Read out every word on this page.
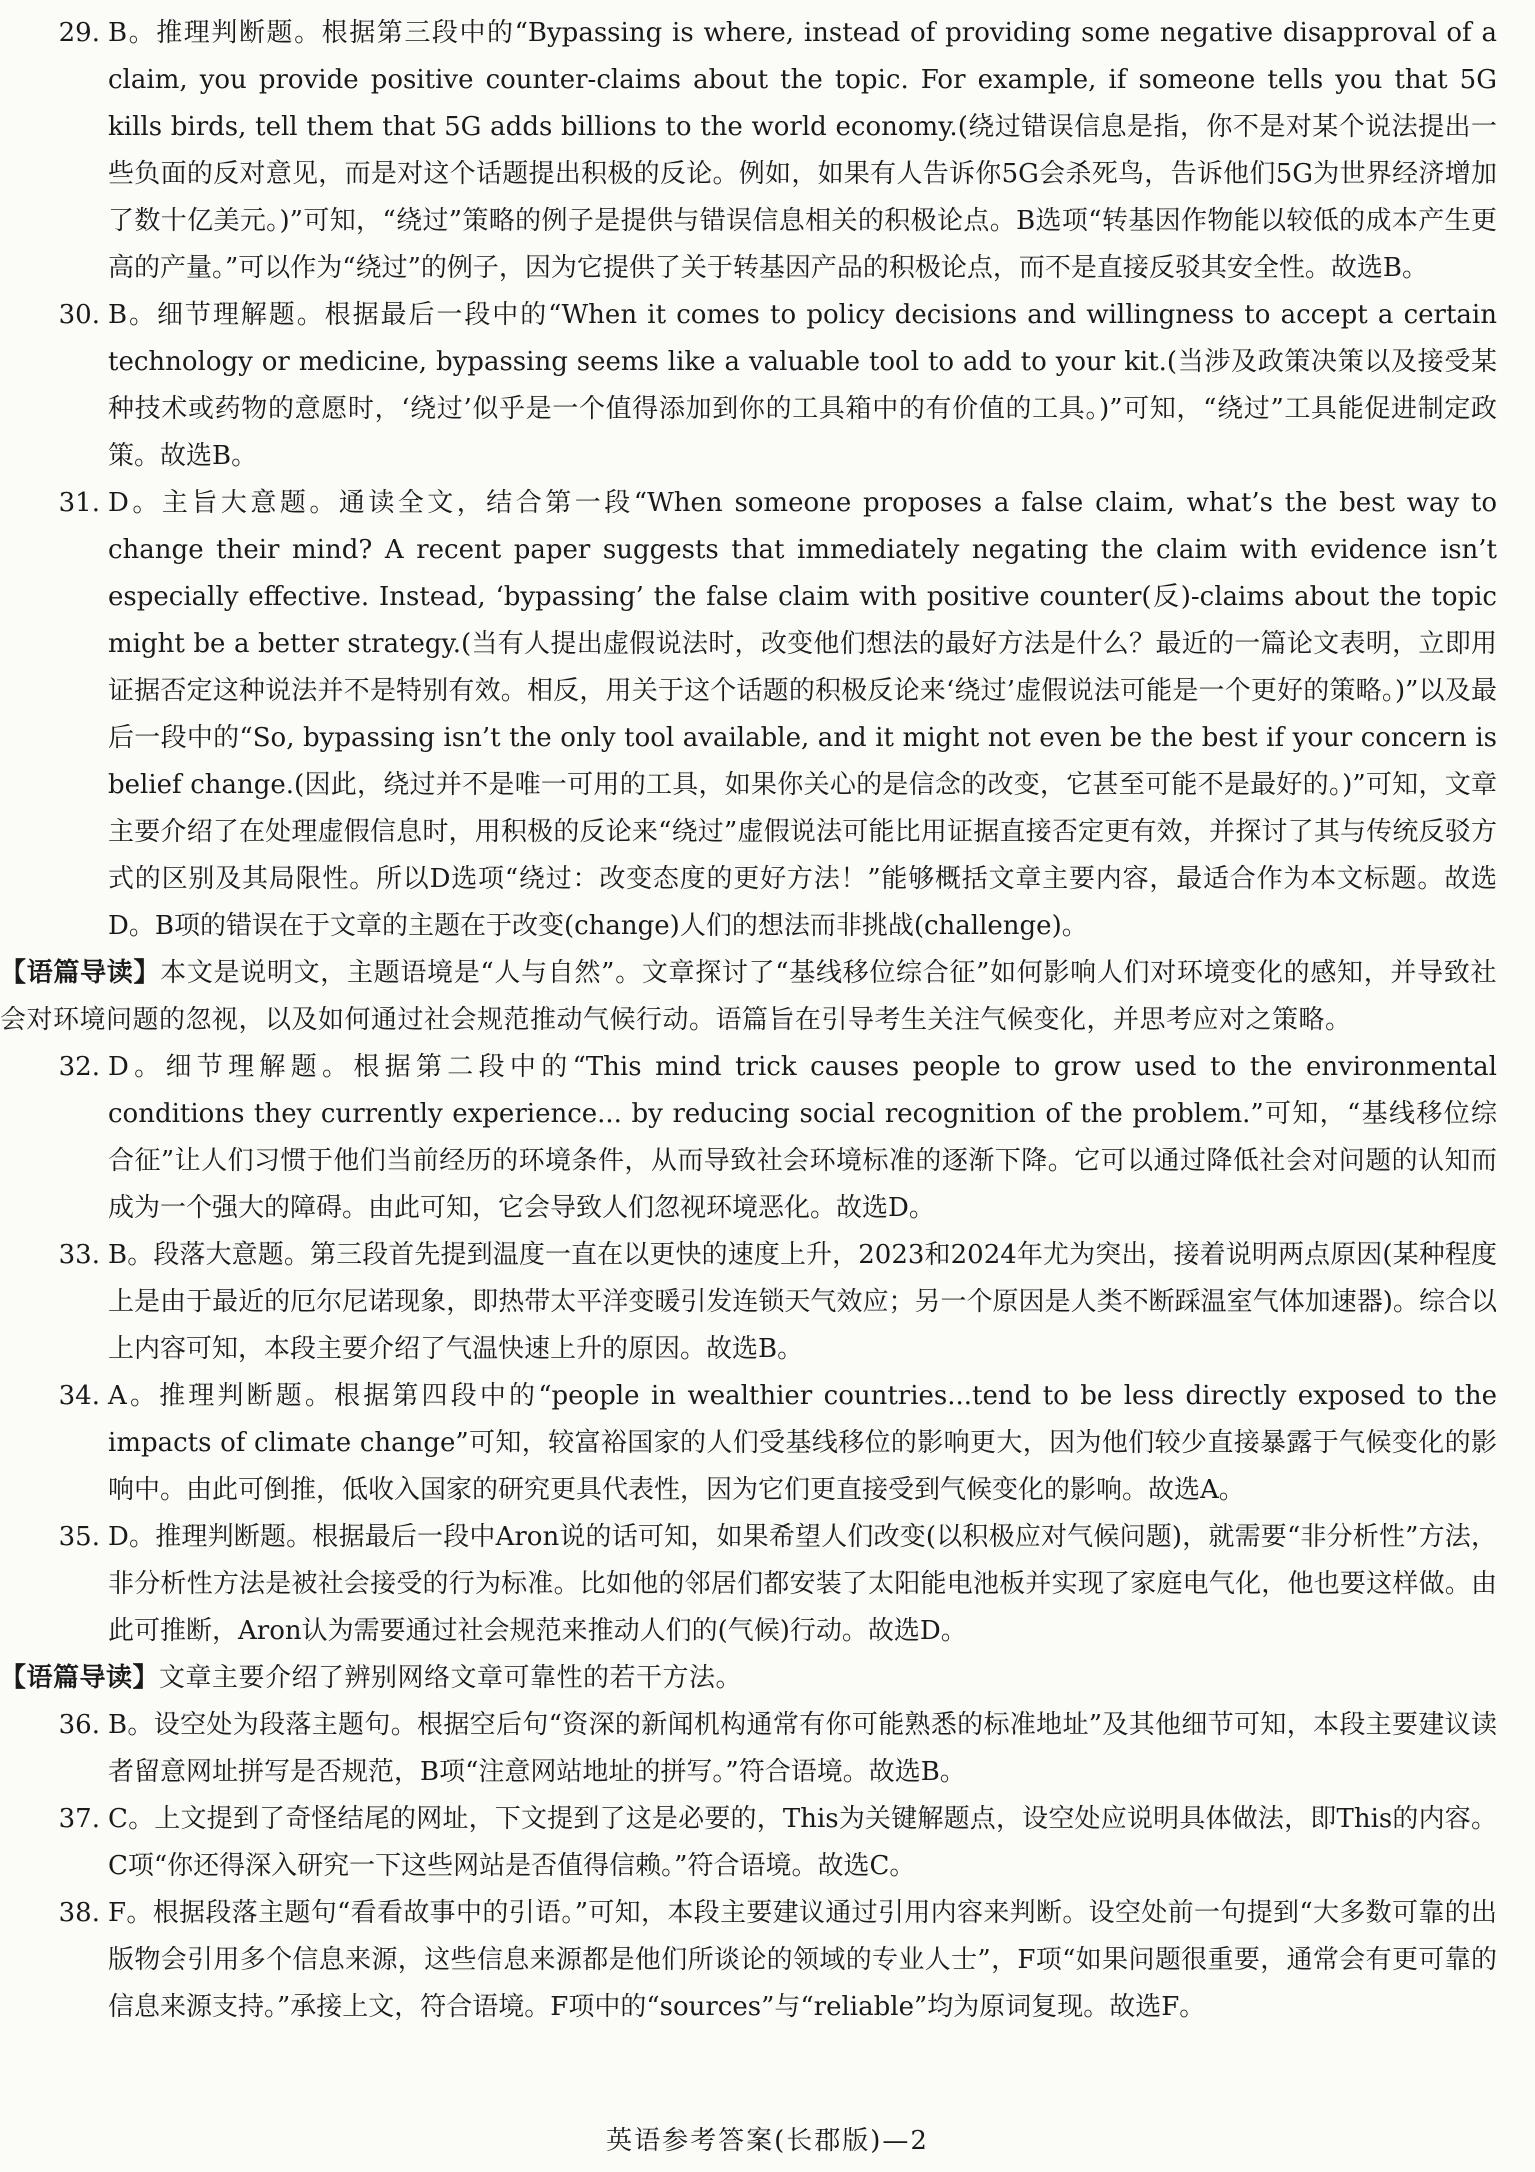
29. B。推理判断题。根据第三段中的“Bypassing is where, instead of providing some negative disapproval of a claim, you provide positive counter-claims about the topic. For example, if someone tells you that 5G kills birds, tell them that 5G adds billions to the world economy.(绕过错误信息是指，你不是对某个说法提出一些负面的反对意见，而是对这个话题提出积极的反论。例如，如果有人告诉你5G会杀死鸟，告诉他们5G为世界经济增加了数十亿美元。)”可知，“绕过”策略的例子是提供与错误信息相关的积极论点。B选项“转基因作物能以较低的成本产生更高的产量。”可以作为“绕过”的例子，因为它提供了关于转基因产品的积极论点，而不是直接反驳其安全性。故选B。
30. B。细节理解题。根据最后一段中的“When it comes to policy decisions and willingness to accept a certain technology or medicine, bypassing seems like a valuable tool to add to your kit.(当涉及政策决策以及接受某种技术或药物的意愿时，‘绕过’似乎是一个值得添加到你的工具箱中的有价值的工具。)”可知，“绕过”工具能促进制定政策。故选B。
31. D。主旨大意题。通读全文，结合第一段“When someone proposes a false claim, what’s the best way to change their mind? A recent paper suggests that immediately negating the claim with evidence isn’t especially effective. Instead, ‘bypassing’ the false claim with positive counter(反)-claims about the topic might be a better strategy.(当有人提出虚假说法时，改变他们想法的最好方法是什么？最近的一篇论文表明，立即用证据否定这种说法并不是特别有效。相反，用关于这个话题的积极反论来‘绕过’虚假说法可能是一个更好的策略。)”以及最后一段中的“So, bypassing isn’t the only tool available, and it might not even be the best if your concern is belief change.(因此，绕过并不是唯一可用的工具，如果你关心的是信念的改变，它甚至可能不是最好的。)”可知，文章主要介绍了在处理虚假信息时，用积极的反论来“绕过”虚假说法可能比用证据直接否定更有效，并探讨了其与传统反驳方式的区别及其局限性。所以D选项“绕过：改变态度的更好方法！”能够概括文章主要内容，最适合作为本文标题。故选D。B项的错误在于文章的主题在于改变(change)人们的想法而非挑战(challenge)。
【语篇导读】本文是说明文，主题语境是“人与自然”。文章探讨了“基线移位综合征”如何影响人们对环境变化的感知，并导致社会对环境问题的忽视，以及如何通过社会规范推动气候行动。语篇旨在引导考生关注气候变化，并思考应对之策略。
32. D。细节理解题。根据第二段中的“This mind trick causes people to grow used to the environmental conditions they currently experience... by reducing social recognition of the problem.”可知，“基线移位综合征”让人们习惯于他们当前经历的环境条件，从而导致社会环境标准的逐渐下降。它可以通过降低社会对问题的认知而成为一个强大的障碍。由此可知，它会导致人们忽视环境恶化。故选D。
33. B。段落大意题。第三段首先提到温度一直在以更快的速度上升，2023和2024年尤为突出，接着说明两点原因(某种程度上是由于最近的厄尔尼诺现象，即热带太平洋变暖引发连锁天气效应；另一个原因是人类不断踩温室气体加速器)。综合以上内容可知，本段主要介绍了气温快速上升的原因。故选B。
34. A。推理判断题。根据第四段中的“people in wealthier countries...tend to be less directly exposed to the impacts of climate change”可知，较富裕国家的人们受基线移位的影响更大，因为他们较少直接暴露于气候变化的影响中。由此可倒推，低收入国家的研究更具代表性，因为它们更直接受到气候变化的影响。故选A。
35. D。推理判断题。根据最后一段中Aron说的话可知，如果希望人们改变(以积极应对气候问题)，就需要“非分析性”方法，非分析性方法是被社会接受的行为标准。比如他的邻居们都安装了太阳能电池板并实现了家庭电气化，他也要这样做。由此可推断，Aron认为需要通过社会规范来推动人们的(气候)行动。故选D。
【语篇导读】文章主要介绍了辨别网络文章可靠性的若干方法。
36. B。设空处为段落主题句。根据空后句“资深的新闻机构通常有你可能熟悉的标准地址”及其他细节可知，本段主要建议读者留意网址拼写是否规范，B项“注意网站地址的拼写。”符合语境。故选B。
37. C。上文提到了奇怪结尾的网址，下文提到了这是必要的，This为关键解题点，设空处应说明具体做法，即This的内容。C项“你还得深入研究一下这些网站是否值得信赖。”符合语境。故选C。
38. F。根据段落主题句“看看故事中的引语。”可知，本段主要建议通过引用内容来判断。设空处前一句提到“大多数可靠的出版物会引用多个信息来源，这些信息来源都是他们所谈论的领域的专业人士”，F项“如果问题很重要，通常会有更可靠的信息来源支持。”承接上文，符合语境。F项中的“sources”与“reliable”均为原词复现。故选F。
英语参考答案(长郡版)—2
